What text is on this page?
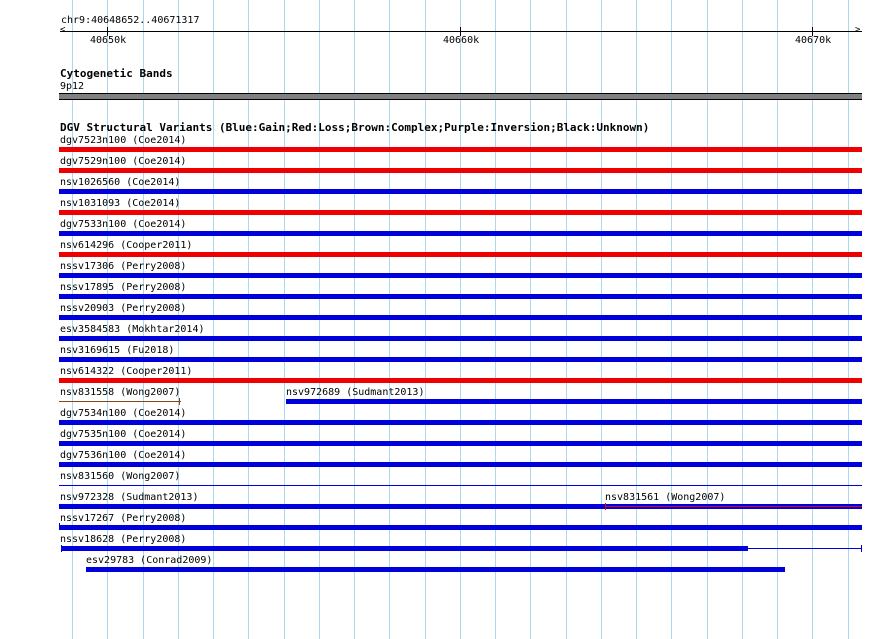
chr9:40648652..40671317
<	>
40650k	40660k	40670k
Cytogenetic Bands
9p12
DGV Structural Variants (Blue:Gain;Red:Loss;Brown:Complex;Purple:Inversion;Black:Unknown)
dgv7523n100 (Coe2014)
dgv7529n100 (Coe2014)
nsv1026560 (Coe2014)
nsv1031093 (Coe2014)
dgv7533n100 (Coe2014)
nsv614296 (Cooper2011)
nssv17306 (Perry2008)
nssv17895 (Perry2008)
nssv20903 (Perry2008)
esv3584583 (Mokhtar2014)
nsv3169615 (Fu2018)
nsv614322 (Cooper2011)
nsv831558 (Wong2007)	nsv972689 (Sudmant2013)
dgv7534n100 (Coe2014)
dgv7535n100 (Coe2014)
dgv7536n100 (Coe2014)
nsv831560 (Wong2007)
nsv972328 (Sudmant2013)	nsv831561 (Wong2007)
nssv17267 (Perry2008)
nssv18628 (Perry2008)
esv29783 (Conrad2009)
